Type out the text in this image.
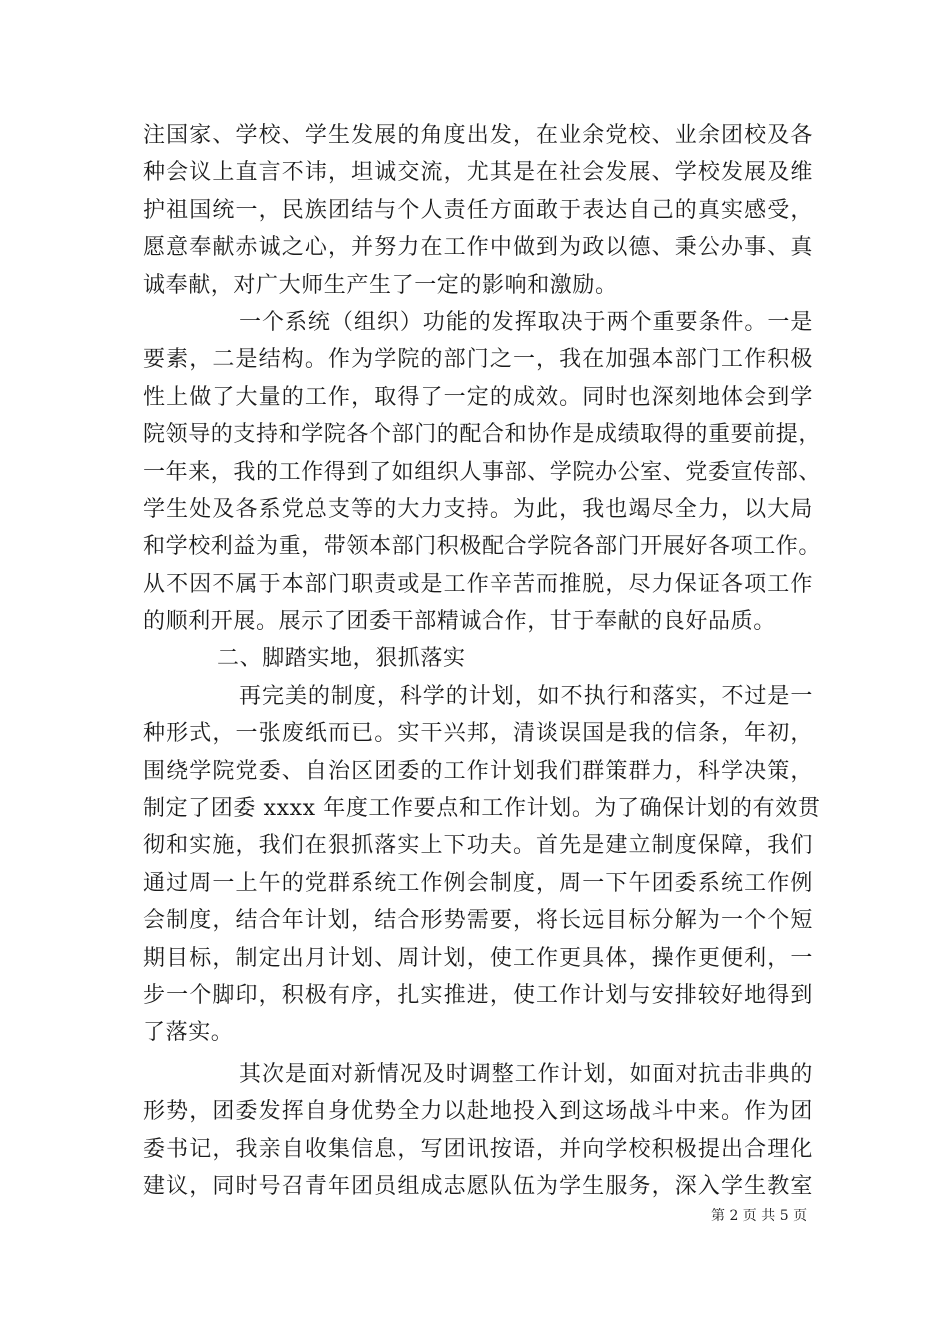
注国家、学校、学生发展的角度出发，在业余党校、业余团校及各
种会议上直言不讳，坦诚交流，尤其是在社会发展、学校发展及维
护祖国统一，民族团结与个人责任方面敢于表达自己的真实感受，
愿意奉献赤诚之心，并努力在工作中做到为政以德、秉公办事、真
诚奉献，对广大师生产生了一定的影响和激励。
一个系统（组织）功能的发挥取决于两个重要条件。一是
要素，二是结构。作为学院的部门之一，我在加强本部门工作积极
性上做了大量的工作，取得了一定的成效。同时也深刻地体会到学
院领导的支持和学院各个部门的配合和协作是成绩取得的重要前提，
一年来，我的工作得到了如组织人事部、学院办公室、党委宣传部、
学生处及各系党总支等的大力支持。为此，我也竭尽全力，以大局
和学校利益为重，带领本部门积极配合学院各部门开展好各项工作。
从不因不属于本部门职责或是工作辛苦而推脱，尽力保证各项工作
的顺利开展。展示了团委干部精诚合作，甘于奉献的良好品质。
二、脚踏实地，狠抓落实
再完美的制度，科学的计划，如不执行和落实，不过是一
种形式，一张废纸而已。实干兴邦，清谈误国是我的信条，年初，
围绕学院党委、自治区团委的工作计划我们群策群力，科学决策，
制定了团委 xxxx 年度工作要点和工作计划。为了确保计划的有效贯
彻和实施，我们在狠抓落实上下功夫。首先是建立制度保障，我们
通过周一上午的党群系统工作例会制度，周一下午团委系统工作例
会制度，结合年计划，结合形势需要，将长远目标分解为一个个短
期目标，制定出月计划、周计划，使工作更具体，操作更便利，一
步一个脚印，积极有序，扎实推进，使工作计划与安排较好地得到
了落实。
其次是面对新情况及时调整工作计划，如面对抗击非典的
形势，团委发挥自身优势全力以赴地投入到这场战斗中来。作为团
委书记，我亲自收集信息，写团讯按语，并向学校积极提出合理化
建议，同时号召青年团员组成志愿队伍为学生服务，深入学生教室
第 2 页 共 5 页
